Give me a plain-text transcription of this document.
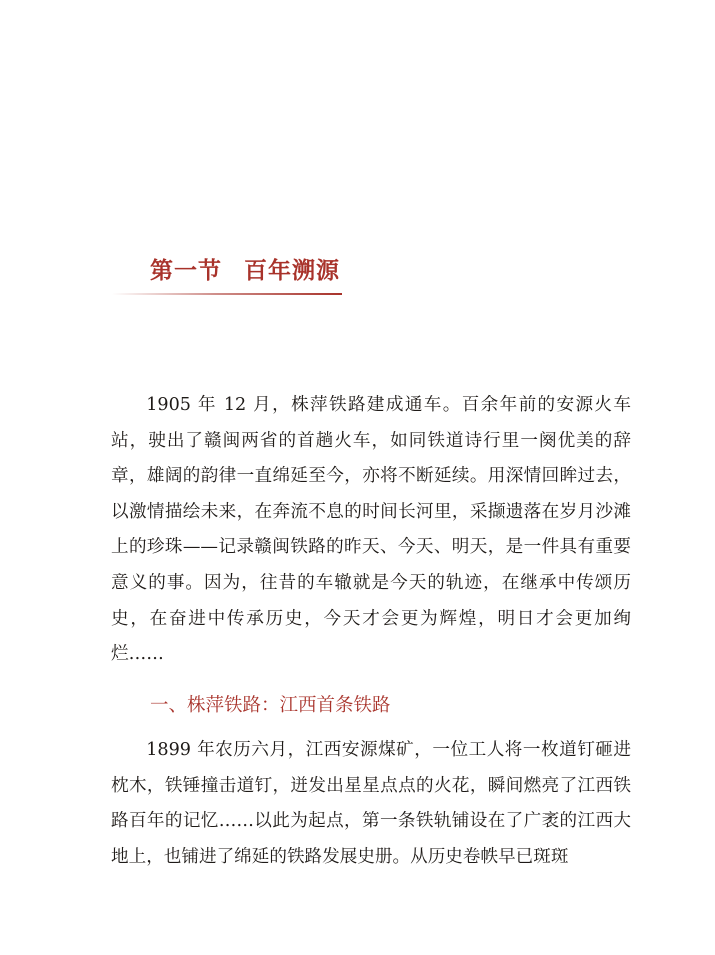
第一节 百年溯源

1905 年 12 月，株萍铁路建成通车。百余年前的安源火车站，驶出了赣闽两省的首趟火车，如同铁道诗行里一阕优美的辞章，雄阔的韵律一直绵延至今，亦将不断延续。用深情回眸过去，以激情描绘未来，在奔流不息的时间长河里，采撷遗落在岁月沙滩上的珍珠——记录赣闽铁路的昨天、今天、明天，是一件具有重要意义的事。因为，往昔的车辙就是今天的轨迹，在继承中传颂历史，在奋进中传承历史，今天才会更为辉煌，明日才会更加绚烂……

一、株萍铁路：江西首条铁路

1899 年农历六月，江西安源煤矿，一位工人将一枚道钉砸进枕木，铁锤撞击道钉，迸发出星星点点的火花，瞬间燃亮了江西铁路百年的记忆……以此为起点，第一条铁轨铺设在了广袤的江西大地上，也铺进了绵延的铁路发展史册。从历史卷帙早已斑斑
